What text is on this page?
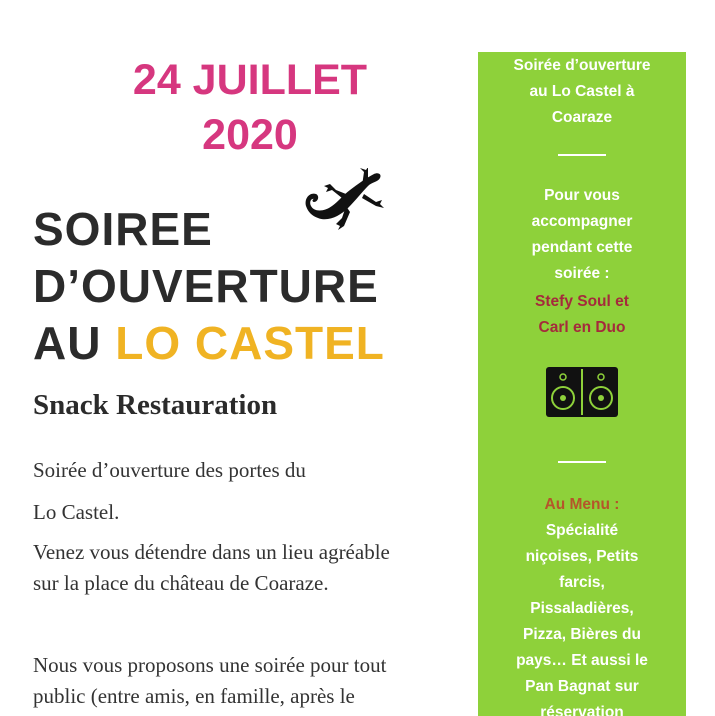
24 JUILLET
2020
SOIREE
D’OUVERTURE
AU LO CASTEL
Snack Restauration
Soirée d’ouverture des portes du
Lo Castel.
Venez vous détendre dans un lieu agréable
sur la place du château de Coaraze.
Nous vous proposons une soirée pour tout
public (entre amis, en famille, après le
Soirée d’ouverture
au Lo Castel à
Coaraze
Pour vous
accompagner
pendant cette
soirée :
Stefy Soul et
Carl en Duo
Au Menu :
Spécialité
niçoises, Petits
farcis,
Pissaladières,
Pizza, Bières du
pays… Et aussi le
Pan Bagnat sur
réservation
